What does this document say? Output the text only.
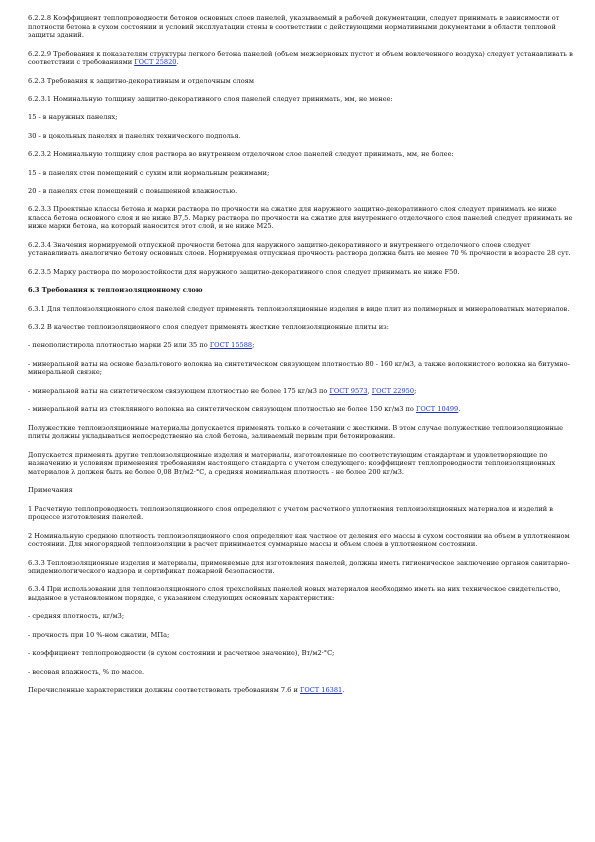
6.2.2.8 Коэффициент теплопроводности бетонов основных слоев панелей, указываемый в рабочей документации, следует принимать в зависимости от плотности бетона в сухом состоянии и условий эксплуатации стены в соответствии с действующими нормативными документами в области тепловой защиты зданий.

6.2.2.9 Требования к показателям структуры легкого бетона панелей (объем межзерновых пустот и объем вовлеченного воздуха) следует устанавливать в соответствии с требованиями ГОСТ 25820.

6.2.3 Требования к защитно-декоративным и отделочным слоям

6.2.3.1 Номинальную толщину защитно-декоративного слоя панелей следует принимать, мм, не менее:

15 - в наружных панелях;

30 - в цокольных панелях и панелях технического подполья.

6.2.3.2 Номинальную толщину слоя раствора во внутреннем отделочном слое панелей следует принимать, мм, не более:

15 - в панелях стен помещений с сухим или нормальным режимами;

20 - в панелях стен помещений с повышенной влажностью.

6.2.3.3 Проектные классы бетона и марки раствора по прочности на сжатие для наружного защитно-декоративного слоя следует принимать не ниже класса бетона основного слоя и не ниже В7,5. Марку раствора по прочности на сжатие для внутреннего отделочного слоя панелей следует принимать не ниже марки бетона, на который наносится этот слой, и не ниже М25.

6.2.3.4 Значения нормируемой отпускной прочности бетона для наружного защитно-декоративного и внутреннего отделочного слоев следует устанавливать аналогично бетону основных слоев. Нормируемая отпускная прочность раствора должна быть не менее 70 % прочности в возрасте 28 сут.

6.2.3.5 Марку раствора по морозостойкости для наружного защитно-декоративного слоя следует принимать не ниже F50.

6.3 Требования к теплоизоляционному слою

6.3.1 Для теплоизоляционного слоя панелей следует применять теплоизоляционные изделия в виде плит из полимерных и минераловатных материалов.

6.3.2 В качестве теплоизоляционного слоя следует применять жесткие теплоизоляционные плиты из:

- пенополистирола плотностью марки 25 или 35 по ГОСТ 15588;

- минеральной ваты на основе базальтового волокна на синтетическом связующем плотностью 80 - 160 кг/м3, а также волокнистого волокна на битумно-минеральной связке;

- минеральной ваты на синтетическом связующем плотностью не более 175 кг/м3 по ГОСТ 9573, ГОСТ 22950;

- минеральной ваты из стеклянного волокна на синтетическом связующем плотностью не более 150 кг/м3 по ГОСТ 10499.

Полужесткие теплоизоляционные материалы допускается применять только в сочетании с жесткими. В этом случае полужесткие теплоизоляционные плиты должны укладываться непосредственно на слой бетона, заливаемый первым при бетонировании.

Допускается применять другие теплоизоляционные изделия и материалы, изготовленные по соответствующим стандартам и удовлетворяющие по назначению и условиям применения требованиям настоящего стандарта с учетом следующего: коэффициент теплопроводности теплоизоляционных материалов λ должен быть не более 0,08 Вт/м2·°С, а средняя номинальная плотность - не более 200 кг/м3.

Примечания

1 Расчетную теплопроводность теплоизоляционного слоя определяют с учетом расчетного уплотнения теплоизоляционных материалов и изделий в процессе изготовления панелей.

2 Номинальную среднюю плотность теплоизоляционного слоя определяют как частное от деления его массы в сухом состоянии на объем в уплотненном состоянии. Для многорядной теплоизоляции в расчет принимается суммарные массы и объем слоев в уплотненном состоянии.

6.3.3 Теплоизоляционные изделия и материалы, применяемые для изготовления панелей, должны иметь гигиеническое заключение органов санитарно-эпидемиологического надзора и сертификат пожарной безопасности.

6.3.4 При использовании для теплоизоляционного слоя трехслойных панелей новых материалов необходимо иметь на них техническое свидетельство, выданное в установленном порядке, с указанием следующих основных характеристик:

- средняя плотность, кг/м3;

- прочность при 10 %-ном сжатии, МПа;

- коэффициент теплопроводности (в сухом состоянии и расчетное значение), Вт/м2·°С;

- весовая влажность, % по массе.

Перечисленные характеристики должны соответствовать требованиям 7.6 и ГОСТ 16381.
